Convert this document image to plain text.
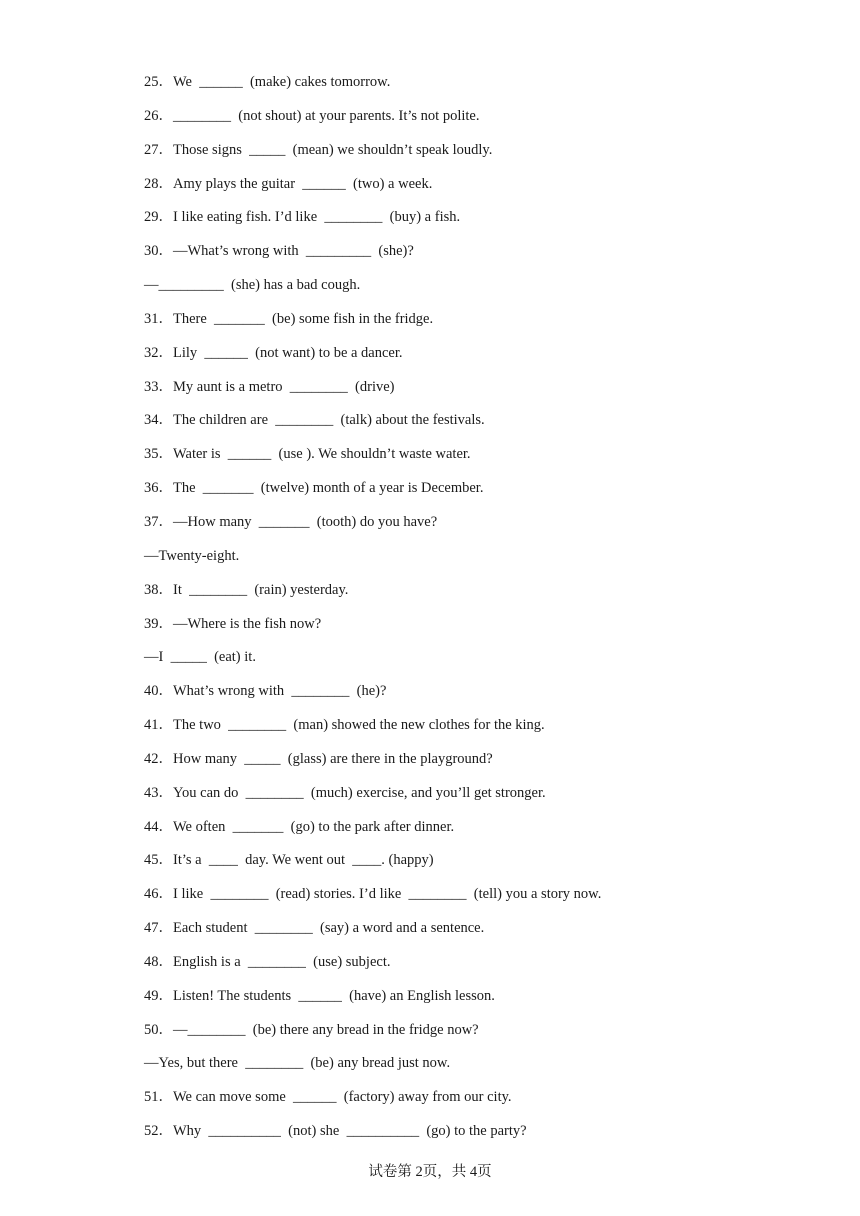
25．We  ______  (make) cakes tomorrow.
26．________  (not shout) at your parents. It’s not polite.
27．Those signs  _____  (mean) we shouldn’t speak loudly.
28．Amy plays the guitar  ______  (two) a week.
29．I like eating fish. I’d like  ________  (buy) a fish.
30．—What’s wrong with  _________  (she)?
—_________  (she) has a bad cough.
31．There  _______  (be) some fish in the fridge.
32．Lily  ______  (not want) to be a dancer.
33．My aunt is a metro  ________  (drive)
34．The children are  ________  (talk) about the festivals.
35．Water is  ______  (use ). We shouldn’t waste water.
36．The  _______  (twelve) month of a year is December.
37．—How many  _______  (tooth) do you have?
—Twenty-eight.
38．It  ________  (rain) yesterday.
39．—Where is the fish now?
—I  _____  (eat) it.
40．What’s wrong with  ________  (he)?
41．The two  ________  (man) showed the new clothes for the king.
42．How many  _____  (glass) are there in the playground?
43．You can do  ________  (much) exercise, and you’ll get stronger.
44．We often  _______  (go) to the park after dinner.
45．It’s a  ____  day. We went out  ____. (happy)
46．I like  ________  (read) stories. I’d like  ________  (tell) you a story now.
47．Each student  ________  (say) a word and a sentence.
48．English is a  ________  (use) subject.
49．Listen! The students  ______  (have) an English lesson.
50．—________  (be) there any bread in the fridge now?
—Yes, but there  ________  (be) any bread just now.
51．We can move some  ______  (factory) away from our city.
52．Why  __________  (not) she  __________  (go) to the party?
试卷第 2页，共 4页
